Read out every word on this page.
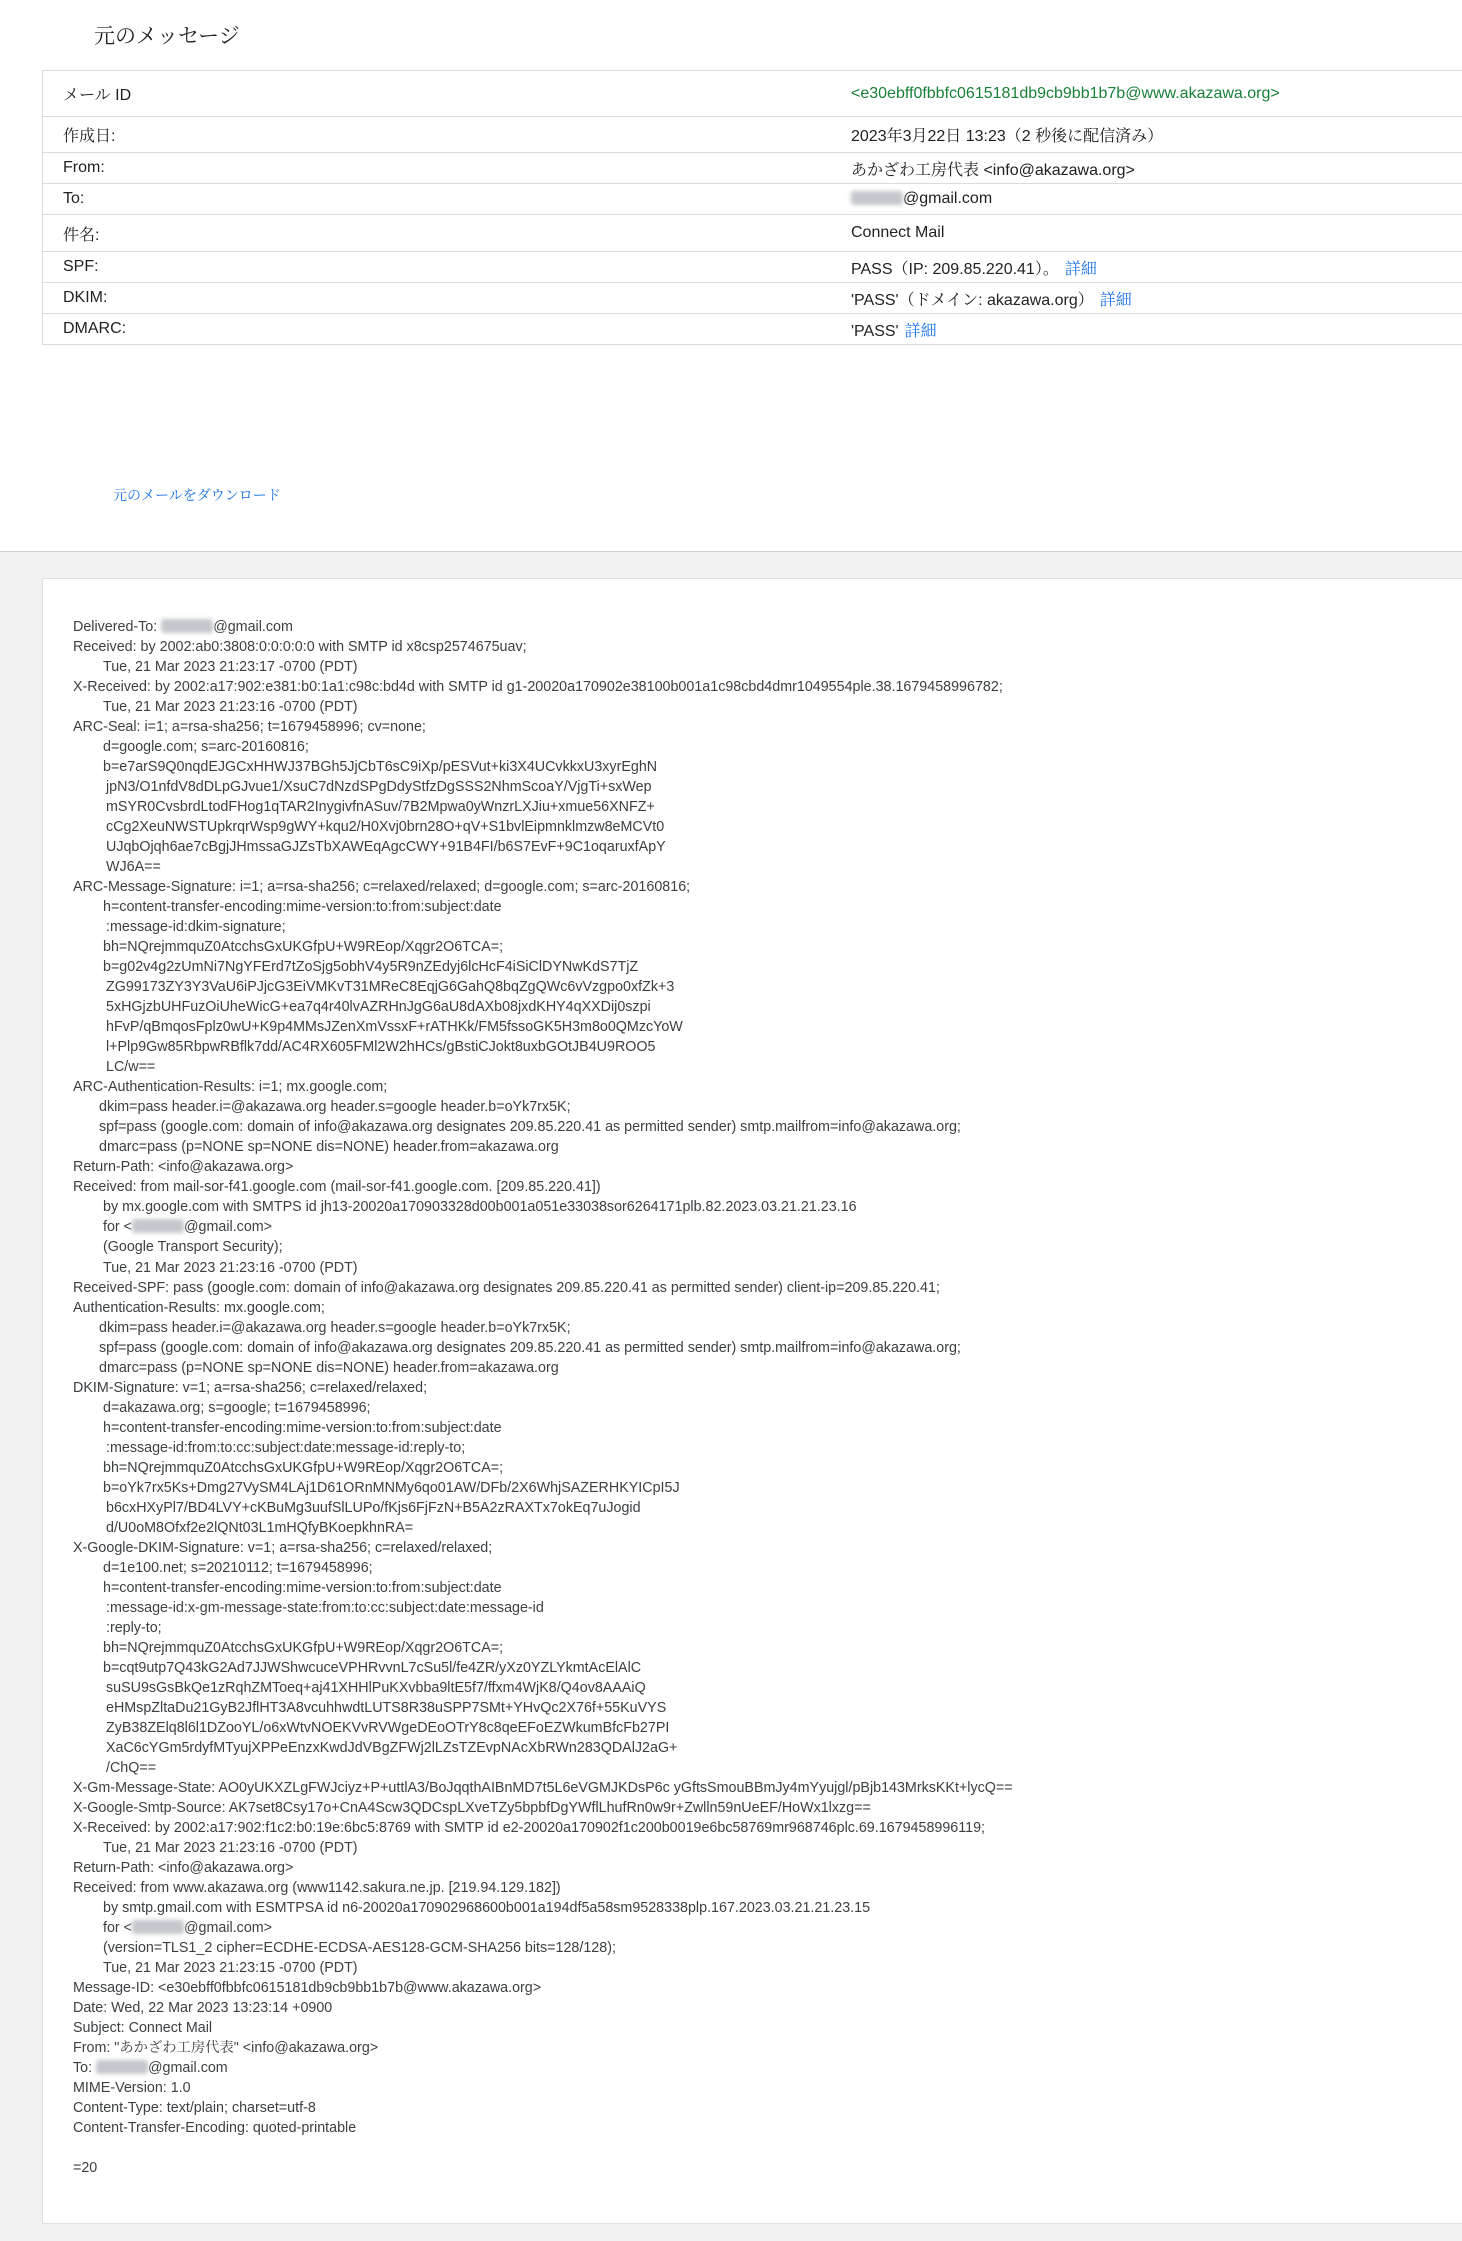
元のメッセージ
メール ID	<e30ebff0fbbfc0615181db9cb9bb1b7b@www.akazawa.org>
作成日:	2023年3月22日 13:23（2 秒後に配信済み）
From:	あかざわ工房代表 <info@akazawa.org>
To:	@gmail.com
件名:	Connect Mail
SPF:	PASS（IP: 209.85.220.41）。 詳細
DKIM:	'PASS'（ドメイン: akazawa.org） 詳細
DMARC:	'PASS' 詳細
元のメールをダウンロード
Delivered-To:	@gmail.com
Received: by 2002:ab0:3808:0:0:0:0:0 with SMTP id x8csp2574675uav;
Tue, 21 Mar 2023 21:23:17 -0700 (PDT)
X-Received: by 2002:a17:902:e381:b0:1a1:c98c:bd4d with SMTP id g1-20020a170902e38100b001a1c98cbd4dmr1049554ple.38.1679458996782;
Tue, 21 Mar 2023 21:23:16 -0700 (PDT)
ARC-Seal: i=1; a=rsa-sha256; t=1679458996; cv=none;
d=google.com; s=arc-20160816;
b=e7arS9Q0nqdEJGCxHHWJ37BGh5JjCbT6sC9iXp/pESVut+ki3X4UCvkkxU3xyrEghN
jpN3/O1nfdV8dDLpGJvue1/XsuC7dNzdSPgDdyStfzDgSSS2NhmScoaY/VjgTi+sxWep
mSYR0CvsbrdLtodFHog1qTAR2InygivfnASuv/7B2Mpwa0yWnzrLXJiu+xmue56XNFZ+
cCg2XeuNWSTUpkrqrWsp9gWY+kqu2/H0Xvj0brn28O+qV+S1bvlEipmnklmzw8eMCVt0
UJqbOjqh6ae7cBgjJHmssaGJZsTbXAWEqAgcCWY+91B4FI/b6S7EvF+9C1oqaruxfApY
WJ6A==
ARC-Message-Signature: i=1; a=rsa-sha256; c=relaxed/relaxed; d=google.com; s=arc-20160816;
h=content-transfer-encoding:mime-version:to:from:subject:date
:message-id:dkim-signature;
bh=NQrejmmquZ0AtcchsGxUKGfpU+W9REop/Xqgr2O6TCA=;
b=g02v4g2zUmNi7NgYFErd7tZoSjg5obhV4y5R9nZEdyj6lcHcF4iSiClDYNwKdS7TjZ
ZG99173ZY3Y3VaU6iPJjcG3EiVMKvT31MReC8EqjG6GahQ8bqZgQWc6vVzgpo0xfZk+3
5xHGjzbUHFuzOiUheWicG+ea7q4r40lvAZRHnJgG6aU8dAXb08jxdKHY4qXXDij0szpi
hFvP/qBmqosFplz0wU+K9p4MMsJZenXmVssxF+rATHKk/FM5fssoGK5H3m8o0QMzcYoW
l+Plp9Gw85RbpwRBflk7dd/AC4RX605FMl2W2hHCs/gBstiCJokt8uxbGOtJB4U9ROO5
LC/w==
ARC-Authentication-Results: i=1; mx.google.com;
dkim=pass header.i=@akazawa.org header.s=google header.b=oYk7rx5K;
spf=pass (google.com: domain of info@akazawa.org designates 209.85.220.41 as permitted sender) smtp.mailfrom=info@akazawa.org;
dmarc=pass (p=NONE sp=NONE dis=NONE) header.from=akazawa.org
Return-Path: <info@akazawa.org>
Received: from mail-sor-f41.google.com (mail-sor-f41.google.com. [209.85.220.41])
by mx.google.com with SMTPS id jh13-20020a170903328d00b001a051e33038sor6264171plb.82.2023.03.21.21.23.16
for <	@gmail.com>
(Google Transport Security);
Tue, 21 Mar 2023 21:23:16 -0700 (PDT)
Received-SPF: pass (google.com: domain of info@akazawa.org designates 209.85.220.41 as permitted sender) client-ip=209.85.220.41;
Authentication-Results: mx.google.com;
dkim=pass header.i=@akazawa.org header.s=google header.b=oYk7rx5K;
spf=pass (google.com: domain of info@akazawa.org designates 209.85.220.41 as permitted sender) smtp.mailfrom=info@akazawa.org;
dmarc=pass (p=NONE sp=NONE dis=NONE) header.from=akazawa.org
DKIM-Signature: v=1; a=rsa-sha256; c=relaxed/relaxed;
d=akazawa.org; s=google; t=1679458996;
h=content-transfer-encoding:mime-version:to:from:subject:date
:message-id:from:to:cc:subject:date:message-id:reply-to;
bh=NQrejmmquZ0AtcchsGxUKGfpU+W9REop/Xqgr2O6TCA=;
b=oYk7rx5Ks+Dmg27VySM4LAj1D61ORnMNMy6qo01AW/DFb/2X6WhjSAZERHKYICpI5J
b6cxHXyPl7/BD4LVY+cKBuMg3uufSlLUPo/fKjs6FjFzN+B5A2zRAXTx7okEq7uJogid
d/U0oM8Ofxf2e2lQNt03L1mHQfyBKoepkhnRA=
X-Google-DKIM-Signature: v=1; a=rsa-sha256; c=relaxed/relaxed;
d=1e100.net; s=20210112; t=1679458996;
h=content-transfer-encoding:mime-version:to:from:subject:date
:message-id:x-gm-message-state:from:to:cc:subject:date:message-id
:reply-to;
bh=NQrejmmquZ0AtcchsGxUKGfpU+W9REop/Xqgr2O6TCA=;
b=cqt9utp7Q43kG2Ad7JJWShwcuceVPHRvvnL7cSu5l/fe4ZR/yXz0YZLYkmtAcElAlC
suSU9sGsBkQe1zRqhZMToeq+aj41XHHlPuKXvbba9ltE5f7/ffxm4WjK8/Q4ov8AAAiQ
eHMspZltaDu21GyB2JflHT3A8vcuhhwdtLUTS8R38uSPP7SMt+YHvQc2X76f+55KuVYS
ZyB38ZElq8l6l1DZooYL/o6xWtvNOEKVvRVWgeDEoOTrY8c8qeEFoEZWkumBfcFb27PI
XaC6cYGm5rdyfMTyujXPPeEnzxKwdJdVBgZFWj2lLZsTZEvpNAcXbRWn283QDAlJ2aG+
/ChQ==
X-Gm-Message-State: AO0yUKXZLgFWJciyz+P+uttlA3/BoJqqthAIBnMD7t5L6eVGMJKDsP6c yGftsSmouBBmJy4mYyujgl/pBjb143MrksKKt+lycQ==
X-Google-Smtp-Source: AK7set8Csy17o+CnA4Scw3QDCspLXveTZy5bpbfDgYWflLhufRn0w9r+Zwlln59nUeEF/HoWx1lxzg==
X-Received: by 2002:a17:902:f1c2:b0:19e:6bc5:8769 with SMTP id e2-20020a170902f1c200b0019e6bc58769mr968746plc.69.1679458996119;
Tue, 21 Mar 2023 21:23:16 -0700 (PDT)
Return-Path: <info@akazawa.org>
Received: from www.akazawa.org (www1142.sakura.ne.jp. [219.94.129.182])
by smtp.gmail.com with ESMTPSA id n6-20020a170902968600b001a194df5a58sm9528338plp.167.2023.03.21.21.23.15
for <	@gmail.com>
(version=TLS1_2 cipher=ECDHE-ECDSA-AES128-GCM-SHA256 bits=128/128);
Tue, 21 Mar 2023 21:23:15 -0700 (PDT)
Message-ID: <e30ebff0fbbfc0615181db9cb9bb1b7b@www.akazawa.org>
Date: Wed, 22 Mar 2023 13:23:14 +0900
Subject: Connect Mail
From: "あかざわ工房代表" <info@akazawa.org>
To:	@gmail.com
MIME-Version: 1.0
Content-Type: text/plain; charset=utf-8
Content-Transfer-Encoding: quoted-printable
=20
